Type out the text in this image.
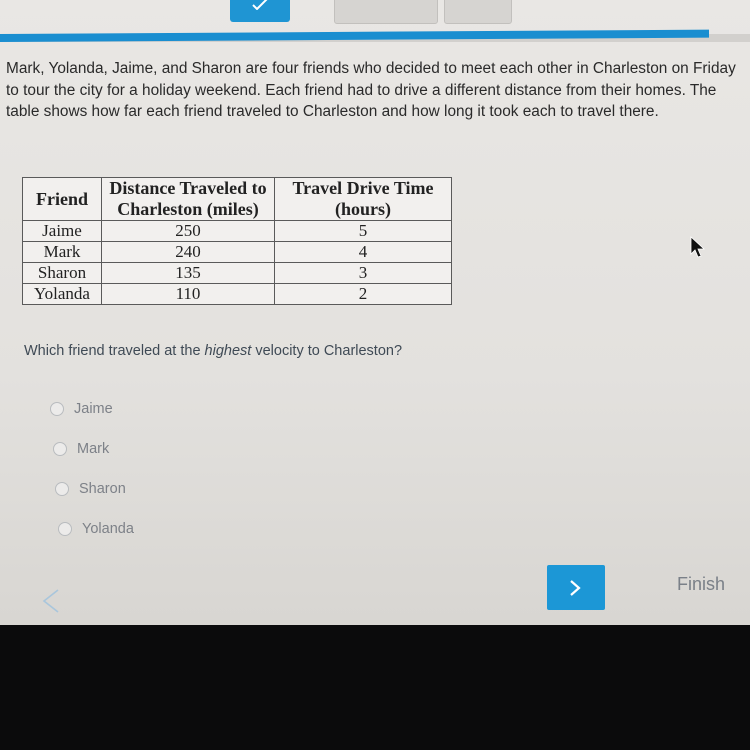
Mark, Yolanda, Jaime, and Sharon are four friends who decided to meet each other in Charleston on Friday to tour the city for a holiday weekend. Each friend had to drive a different distance from their homes. The table shows how far each friend traveled to Charleston and how long it took each to travel there.

Friend	Distance Traveled to Charleston (miles)	Travel Drive Time (hours)
Jaime	250	5
Mark	240	4
Sharon	135	3
Yolanda	110	2
Which friend traveled at the highest velocity to Charleston?
Jaime
Mark
Sharon
Yolanda
Finish
